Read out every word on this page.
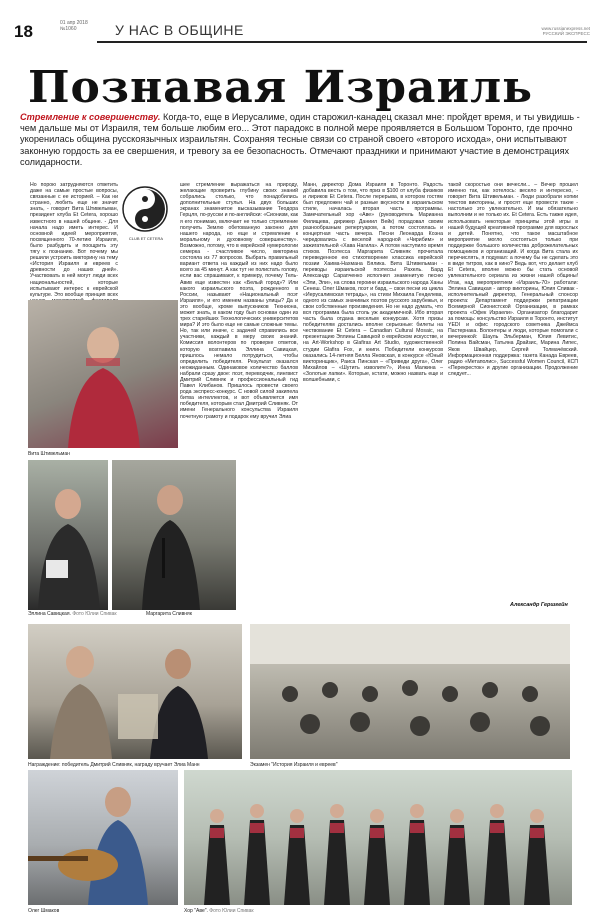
18	01 апр 2018
№1060	У НАС В ОБЩИНЕ	www.russianexpress.net
РУССКИЙ ЭКСПРЕСС
Познавая Израиль
Стремление к совершенству. Когда-то, еще в Иерусалиме, один старожил-канадец сказал мне: пройдет время, и ты увидишь - чем дальше мы от Израиля, тем больше любим его... Этот парадокс в полной мере проявляется в Большом Торонто, где прочно укоренилась община русскоязычных израильтян. Сохраняя тесные связи со страной своего «второго исхода», они испытывают законную гордость за ее свершения, и тревогу за ее безопасность. Отмечают праздники и принимают участие в демонстрациях солидарности.
Но порою затрудняются ответить даже на самые простые вопросы, связанные с ее историей. – Как ни странно, любить еще не значит знать, - говорит Вита Штивельман, президент клуба Et Cetera, хорошо известного в нашей общине. - Для начала надо иметь интерес. И основной идеей мероприятия, посвященного 70-летию Израиля, было разбудить и поощрить эту тягу к познанию. Вот почему мы решили устроить викторину на тему «История Израиля и евреев с древности до наших дней». Участвовать в ней могут люди всех национальностей, которые испытывают интерес к еврейской культуре. Это вообще принцип всех
CLUB ET CETERA
Вита Штивельман
Эллина Савицкая. Фото Юлии Спивак	Маргарита Сливняк
шее стремление выражаться на природу, желающие проверить глубину своих знаний собрались столько, что понадобились дополнительные стулья. На двух больших экранах знаменитое высказывание Теодора Герцля, по-русски и по-английски: «Сионизм, как я его понимаю, включает не только стремление получить Землю обетованную законно для нашего народа, но еще и стремление к моральному и духовному совершенству». Возможно, потому, что в еврейской нумерологии семерка - счастливое число, викторина состояла из 77 вопросов. Выбрать правильный вариант ответа на каждый из них надо было всего за 45 минут. А как тут не полистать голову, если вас спрашивают, к примеру, почему Тель-Авив еще известен как «Белый город»? Или какого израильского поэта, рожденного в России, называют «Национальный поэт Израиля», и его именем названы улицы? Да и это вообще, кроме выпускников Технионa, может знать, в каком году был основан один из трех старейших Технологических университетов мира? И это было еще не самые сложные темы. Но, так или иначе, с задачей справились все участники, каждый в меру своих знаний. Комиссия волонтеров по проверке ответов, которую возглавила Эллина Савицкая, пришлось немало потрудиться, чтобы определить победителя. Результат оказался неожиданным. Одинаковое количество баллов набрали сразу двое: поэт, переводчик, лингвист Дмитрий Сливняк и профессиональный гид Павел Клибанов. Пришлось провести своего рода экспресс-конкурс. С новой силой закипела битва интеллектов, и вот объявляется имя победителя, которым стал Дмитрий Сливняк. От имени Генерального консульства Израиля почетную грамоту и подарок ему вручил Элиа
Манн, директор Дома Израиля в Торонто. Радость добавила весть о том, что приз в $100 от клуба физиков и лириков Et Cetera. После перерыва, в котором гостям был предложен чай и разные вкусности в израильском стиле, началась вторая часть программы. Замечательный хор «Аве» (руководитель Марианна Филищева, дирижер Даниил Вейк) порадовал своим разнообразным репертуаром, а потом состоялась и концертная часть вечера. Песни Леонарда Коэна чередовались с веселой народной «Чирибим» и зажигательной «Хава Нагила». А потом наступило время стихов. Поэтесса Маргарита Сливняк прочитала переведенное ею стихотворение классика еврейской поэзии Хаима-Нахмана Бялика. Вита Штивельман - переводы израильской поэтессы Рахель. Бард Александр Сарапченко исполнил знаменитую песню «Эли, Эли», на слова героини израильского народа Ханы Сенеш. Олег Шмаков, поэт и бард, – свои песни из цикла «Иерусалимская тетрадь», на стихи Михаила Генделева, одного из самых значимых поэтов русского зарубежья, и свои собственные произведения. Но не надо думать, что вся программа была столь уж академичной. Ибо вторая часть была отдана веселым конкурсам. Хотя призы победителям достались вполне серьезные: билеты на чествование Et Cetera – Canadian Cultural Mosaic, на презентацию Эллины Савицкой о еврейском искусстве, и на Art-Workshop в Glafiras Art Studio, художественной студии Glafira Fox, и книги. Победители конкурсов оказались 14-летняя Белла Яновская, в конкурсе «Юный викторинщик», Раиса Пинская – «Приведи друга», Олег Михайлов – «Шутить изволите?», Инна Малкина – «Золотые лапки». Которые, кстати, можно назвать еще и волшебными, с
такой скоростью они вечесли... – Вечер прошел именно так, как хотелось: весело и интересно, - говорит Вита Штивельман. - Люди разобрали копии текстов викторины, и просят еще провести такие - настолько это увлекательно. И мы обязательно выполним и не только их. Et Cetera. Есть также идея, использовать некоторые принципы этой игры в нашей будущей креативной программе для взрослых и детей. Понятно, что такое масштабное мероприятие могло состояться только при поддержке большого количества доброжелательных помощников и организаций. И когда Вита стала их перечислять, я подумал: а почему бы не сделать это в виде титров, как в кино? Ведь вот, что делает клуб Et Cetera, вполне можно бы стать основой увлекательного сериала из жизни нашей общины! Итак, над мероприятием «Израиль-70» работали: Эллина Савицкая - автор викторины, Юлия Спивак - исполнительный директор, Генеральный спонсор проекта: Департамент поддержки репатриации Всемирной Сионистской Организации, в рамках проекта «Офек Израели». Организатор благодарит за помощь: консульство Израиля в Торонто, институт YEDI и офис городского советника Джеймса Пастернака. Волонтеры и люди, которые помогали с вечеринкой: Шауль Эльберман, Юлия Левитис, Полина Вайсман, Татьяна Драйзис, Марина Липес, Яков Швайцер, Сергей Толмачёвский. Информационная поддержка: газета Канада Евреев, радио «Метаполис», Successful Women Council, КСП «Перекресток» и другие организации. Продолжение следует...
Александр Гершгейн
Награждение: победитель Дмитрий Сливняк, награду вручает Элиа Манн	Экзамен "История Израиля и евреев"
Олег Шмаков	Хор "Аве". Фото Юлии Спивак
